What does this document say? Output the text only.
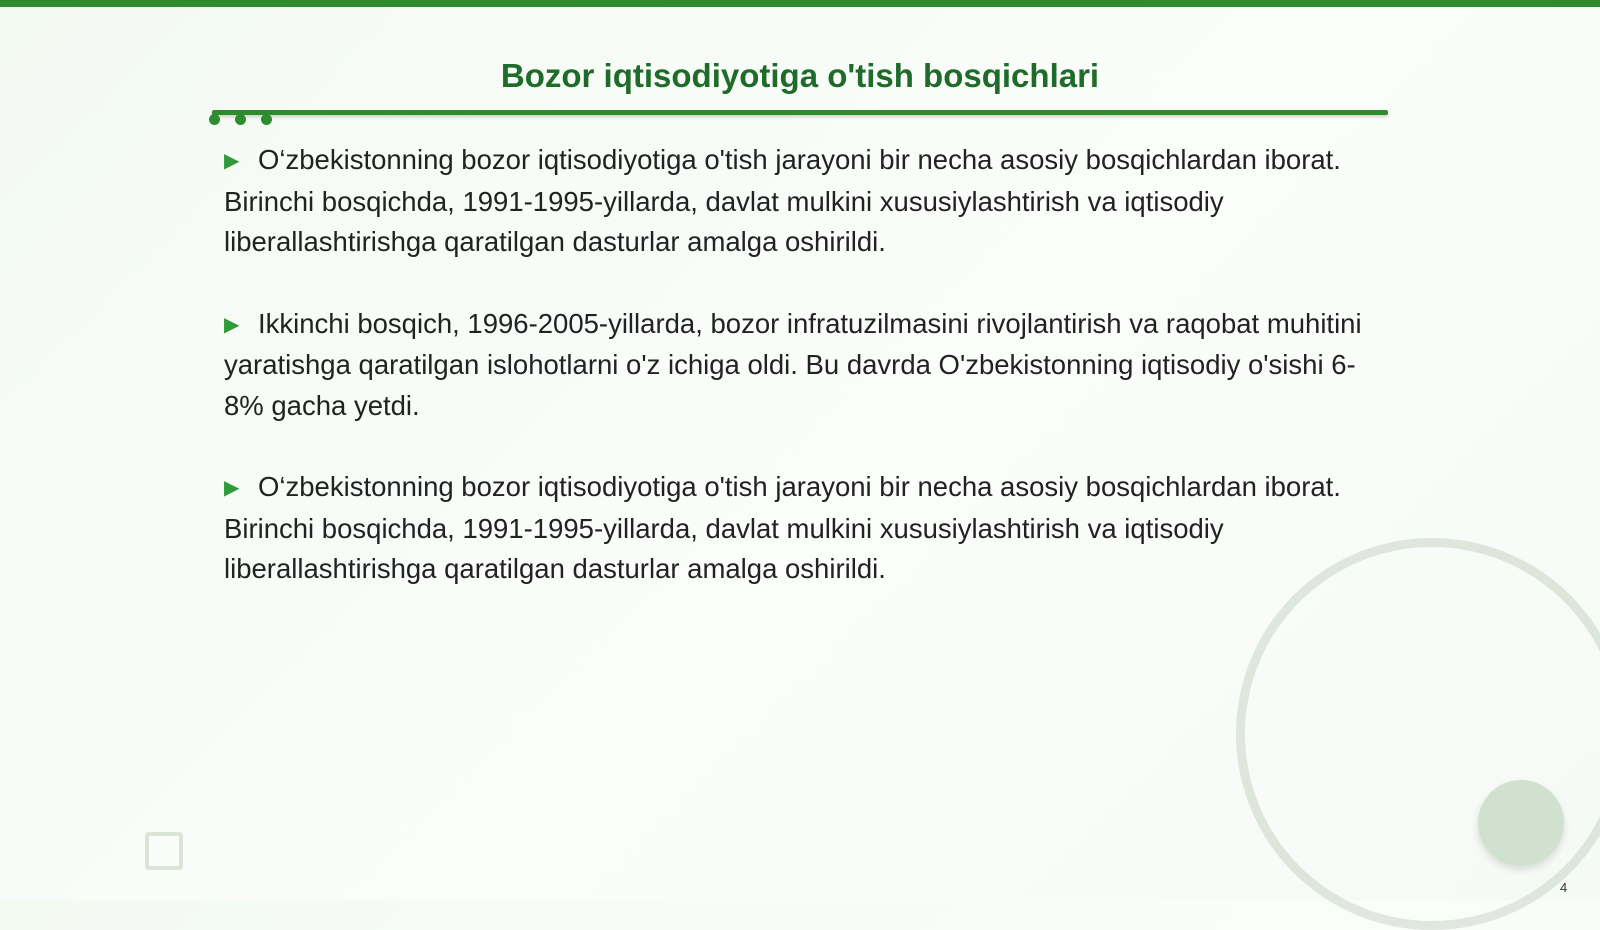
Bozor iqtisodiyotiga o'tish bosqichlari

▶ O‘zbekistonning bozor iqtisodiyotiga o'tish jarayoni bir necha asosiy bosqichlardan iborat. Birinchi bosqichda, 1991-1995-yillarda, davlat mulkini xususiylashtirish va iqtisodiy liberallashtirishga qaratilgan dasturlar amalga oshirildi.

▶ Ikkinchi bosqich, 1996-2005-yillarda, bozor infratuzilmasini rivojlantirish va raqobat muhitini yaratishga qaratilgan islohotlarni o'z ichiga oldi. Bu davrda O'zbekistonning iqtisodiy o'sishi 6-8% gacha yetdi.

▶ O‘zbekistonning bozor iqtisodiyotiga o'tish jarayoni bir necha asosiy bosqichlardan iborat. Birinchi bosqichda, 1991-1995-yillarda, davlat mulkini xususiylashtirish va iqtisodiy liberallashtirishga qaratilgan dasturlar amalga oshirildi.

4
